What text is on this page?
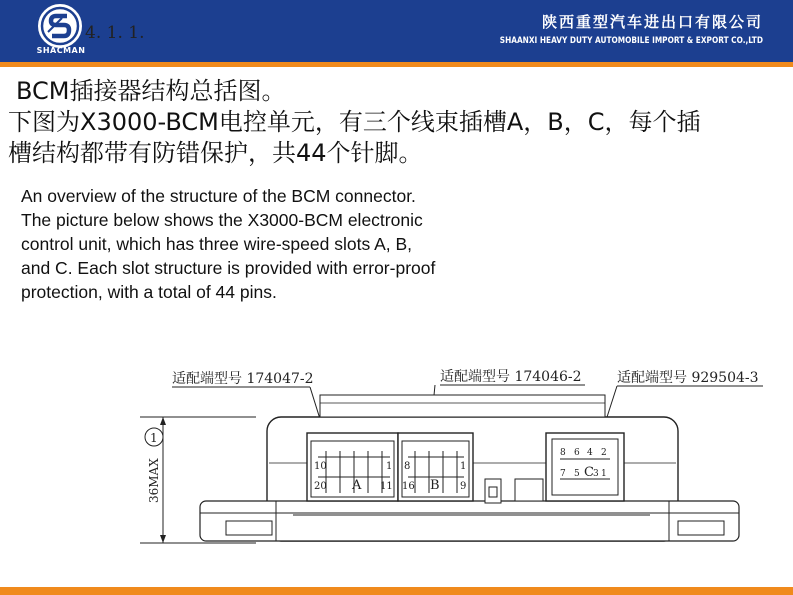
SHACMAN
陕西重型汽车进出口有限公司
SHAANXI HEAVY DUTY AUTOMOBILE IMPORT & EXPORT CO.,LTD
4. 1. 1.
BCM插接器结构总括图。
下图为X3000-BCM电控单元，有三个线束插槽A，B，C，每个插
槽结构都带有防错保护，共44个针脚。
An overview of the structure of the BCM connector.
The picture below shows the X3000-BCM electronic
control unit, which has three wire-speed slots A, B,
and C. Each slot structure is provided with error-proof
protection, with a total of 44 pins.
适配端型号 174047-2	适配端型号 174046-2	适配端型号 929504-3
1
36MAX	10	1
20	11
A
8	1
16	9
B
8 6 4 2
7 5 C 3 1
